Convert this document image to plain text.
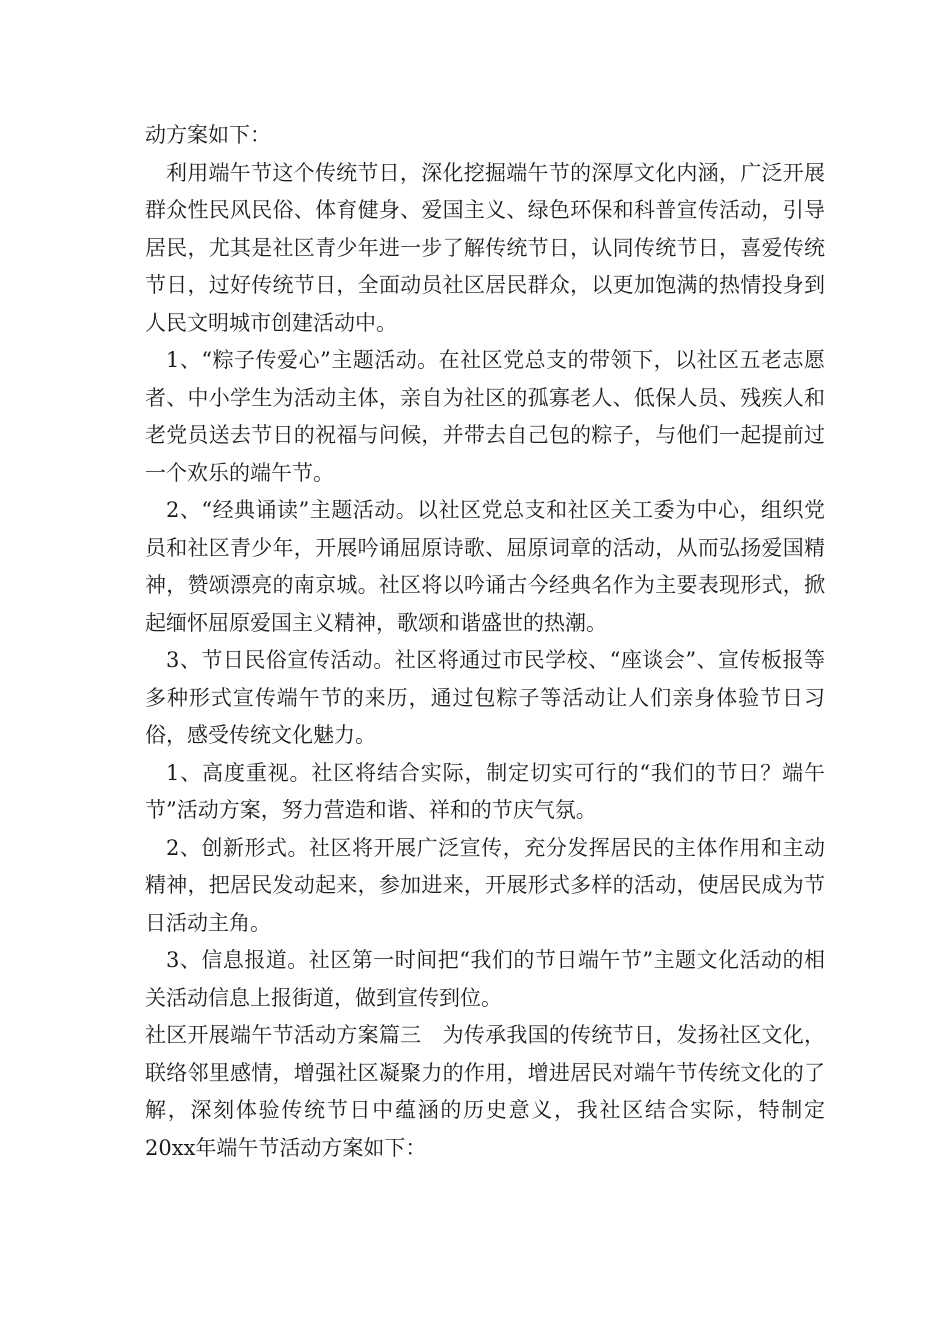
动方案如下：

利用端午节这个传统节日，深化挖掘端午节的深厚文化内涵，广泛开展群众性民风民俗、体育健身、爱国主义、绿色环保和科普宣传活动，引导居民，尤其是社区青少年进一步了解传统节日，认同传统节日，喜爱传统节日，过好传统节日，全面动员社区居民群众，以更加饱满的热情投身到人民文明城市创建活动中。

1、“粽子传爱心”主题活动。在社区党总支的带领下，以社区五老志愿者、中小学生为活动主体，亲自为社区的孤寡老人、低保人员、残疾人和老党员送去节日的祝福与问候，并带去自己包的粽子，与他们一起提前过一个欢乐的端午节。

2、“经典诵读”主题活动。以社区党总支和社区关工委为中心，组织党员和社区青少年，开展吟诵屈原诗歌、屈原词章的活动，从而弘扬爱国精神，赞颂漂亮的南京城。社区将以吟诵古今经典名作为主要表现形式，掀起缅怀屈原爱国主义精神，歌颂和谐盛世的热潮。

3、节日民俗宣传活动。社区将通过市民学校、“座谈会”、宣传板报等多种形式宣传端午节的来历，通过包粽子等活动让人们亲身体验节日习俗，感受传统文化魅力。

1、高度重视。社区将结合实际，制定切实可行的“我们的节日？端午节”活动方案，努力营造和谐、祥和的节庆气氛。

2、创新形式。社区将开展广泛宣传，充分发挥居民的主体作用和主动精神，把居民发动起来，参加进来，开展形式多样的活动，使居民成为节日活动主角。

3、信息报道。社区第一时间把“我们的节日端午节”主题文化活动的相关活动信息上报街道，做到宣传到位。

社区开展端午节活动方案篇三　为传承我国的传统节日，发扬社区文化，联络邻里感情，增强社区凝聚力的作用，增进居民对端午节传统文化的了解，深刻体验传统节日中蕴涵的历史意义，我社区结合实际，特制定20xx年端午节活动方案如下：
